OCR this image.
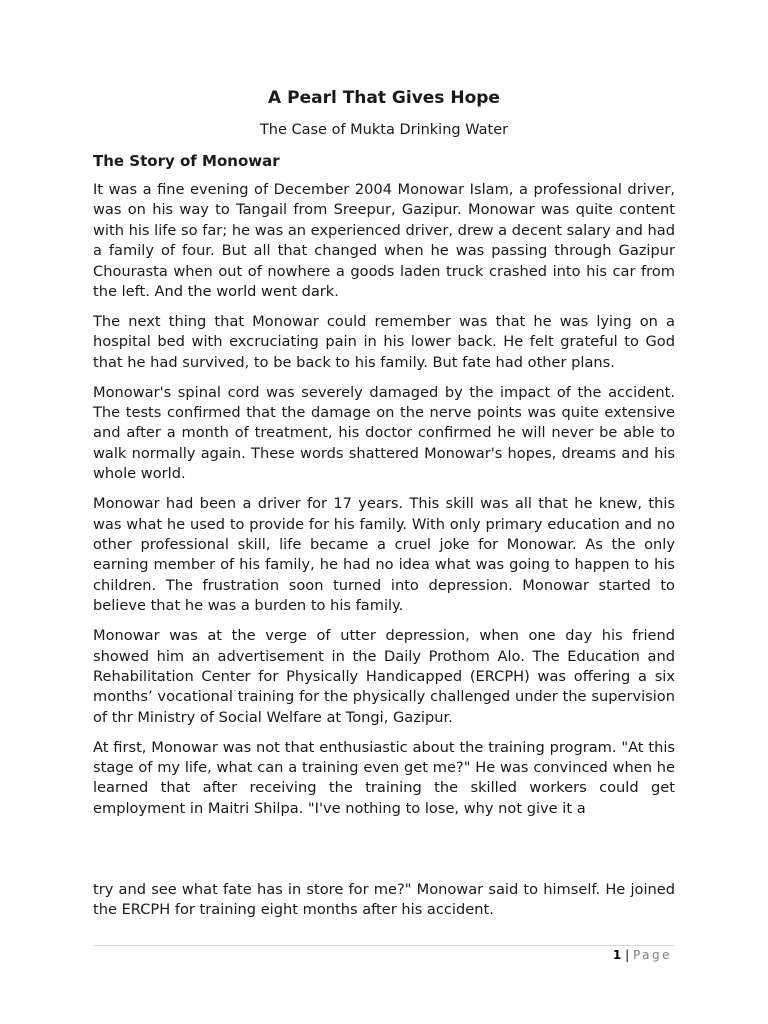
A Pearl That Gives Hope
The Case of Mukta Drinking Water
The Story of Monowar

It was a fine evening of December 2004 Monowar Islam, a professional driver, was on his way to Tangail from Sreepur, Gazipur. Monowar was quite content with his life so far; he was an experienced driver, drew a decent salary and had a family of four. But all that changed when he was passing through Gazipur Chourasta when out of nowhere a goods laden truck crashed into his car from the left. And the world went dark.

The next thing that Monowar could remember was that he was lying on a hospital bed with excruciating pain in his lower back. He felt grateful to God that he had survived, to be back to his family. But fate had other plans.

Monowar's spinal cord was severely damaged by the impact of the accident. The tests confirmed that the damage on the nerve points was quite extensive and after a month of treatment, his doctor confirmed he will never be able to walk normally again. These words shattered Monowar's hopes, dreams and his whole world.

Monowar had been a driver for 17 years. This skill was all that he knew, this was what he used to provide for his family. With only primary education and no other professional skill, life became a cruel joke for Monowar. As the only earning member of his family, he had no idea what was going to happen to his children. The frustration soon turned into depression. Monowar started to believe that he was a burden to his family.

Monowar was at the verge of utter depression, when one day his friend showed him an advertisement in the Daily Prothom Alo. The Education and Rehabilitation Center for Physically Handicapped (ERCPH) was offering a six months’ vocational training for the physically challenged under the supervision of thr Ministry of Social Welfare at Tongi, Gazipur.

At first, Monowar was not that enthusiastic about the training program. "At this stage of my life, what can a training even get me?" He was convinced when he learned that after receiving the training the skilled workers could get employment in Maitri Shilpa. "I've nothing to lose, why not give it a

try and see what fate has in store for me?" Monowar said to himself. He joined the ERCPH for training eight months after his accident.

1 | Page
